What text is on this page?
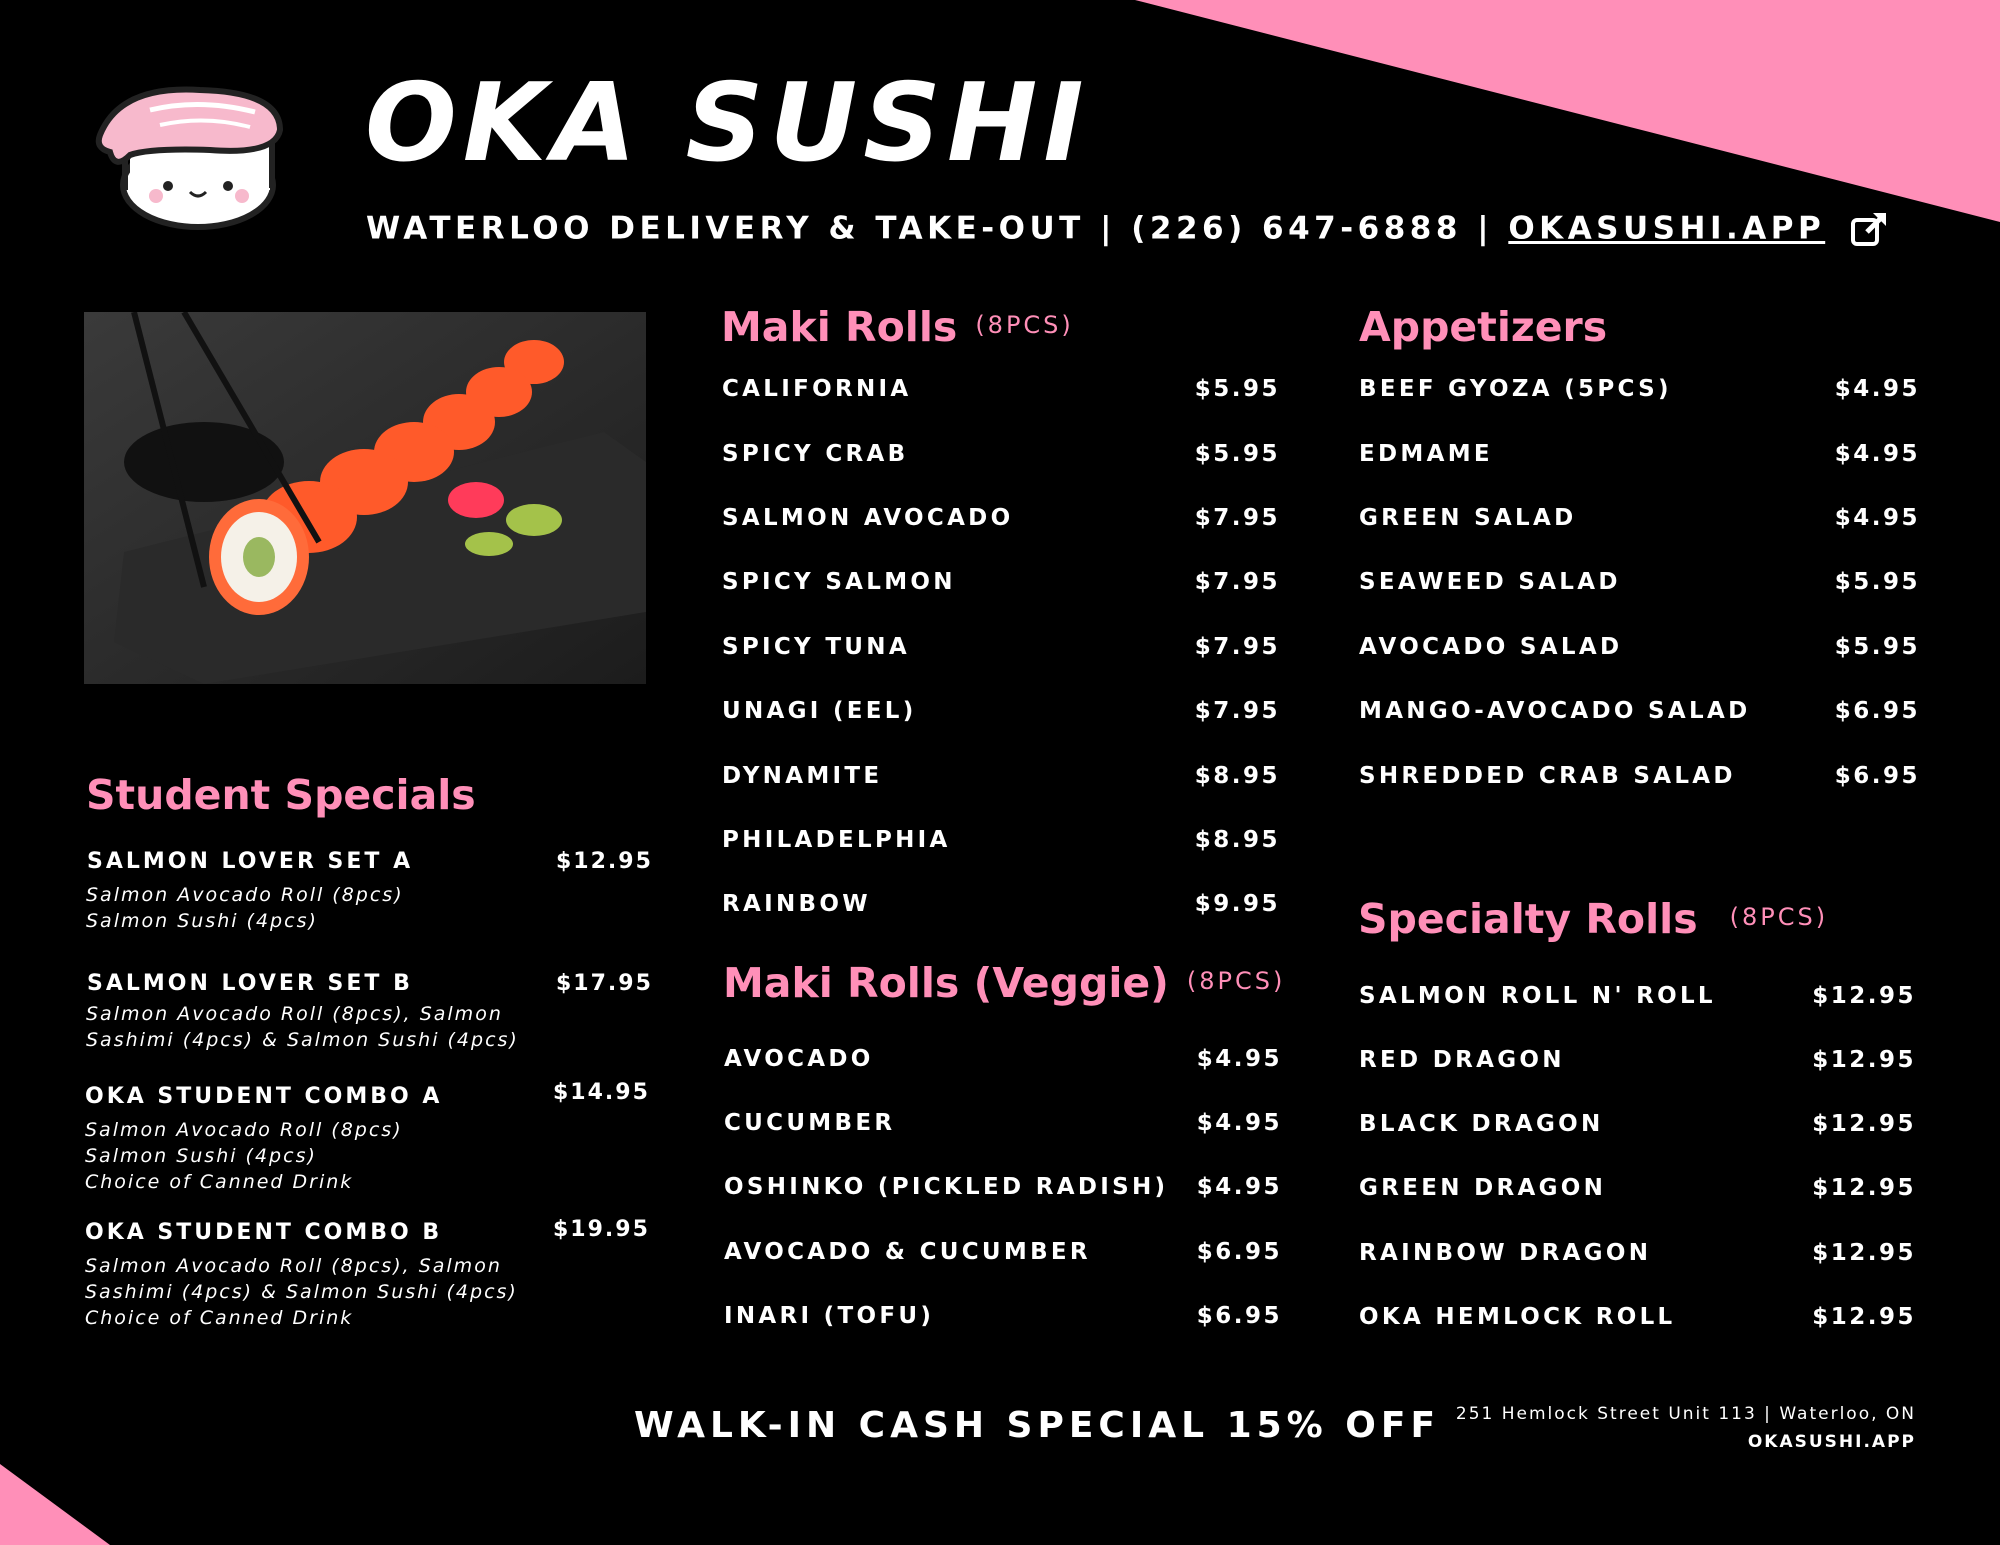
OKA SUSHI
WATERLOO DELIVERY & TAKE-OUT | (226) 647-6888 | OKASUSHI.APP
Student Specials
SALMON LOVER SET A	$12.95
Salmon Avocado Roll (8pcs)
Salmon Sushi (4pcs)
SALMON LOVER SET B	$17.95
Salmon Avocado Roll (8pcs), Salmon
Sashimi (4pcs) & Salmon Sushi (4pcs)
OKA STUDENT COMBO A	$14.95
Salmon Avocado Roll (8pcs)
Salmon Sushi (4pcs)
Choice of Canned Drink
OKA STUDENT COMBO B	$19.95
Salmon Avocado Roll (8pcs), Salmon
Sashimi (4pcs) & Salmon Sushi (4pcs)
Choice of Canned Drink
Maki Rolls (8PCS)
CALIFORNIA	$5.95
SPICY CRAB	$5.95
SALMON AVOCADO	$7.95
SPICY SALMON	$7.95
SPICY TUNA	$7.95
UNAGI (EEL)	$7.95
DYNAMITE	$8.95
PHILADELPHIA	$8.95
RAINBOW	$9.95
Maki Rolls (Veggie) (8PCS)
AVOCADO	$4.95
CUCUMBER	$4.95
OSHINKO (PICKLED RADISH)	$4.95
AVOCADO & CUCUMBER	$6.95
INARI (TOFU)	$6.95
Appetizers
BEEF GYOZA (5PCS)	$4.95
EDMAME	$4.95
GREEN SALAD	$4.95
SEAWEED SALAD	$5.95
AVOCADO SALAD	$5.95
MANGO-AVOCADO SALAD	$6.95
SHREDDED CRAB SALAD	$6.95
Specialty Rolls (8PCS)
SALMON ROLL N' ROLL	$12.95
RED DRAGON	$12.95
BLACK DRAGON	$12.95
GREEN DRAGON	$12.95
RAINBOW DRAGON	$12.95
OKA HEMLOCK ROLL	$12.95
WALK-IN CASH SPECIAL 15% OFF 251 Hemlock Street Unit 113 | Waterloo, ON
OKASUSHI.APP
